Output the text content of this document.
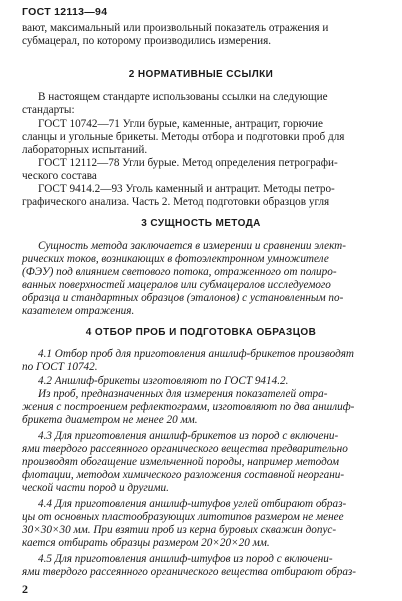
ГОСТ 12113—94
вают, максимальный или произвольный показатель отражения и
субмацерал, по которому производились измерения.
2 НОРМАТИВНЫЕ ССЫЛКИ
В настоящем стандарте использованы ссылки на следующие
стандарты:
ГОСТ 10742—71 Угли бурые, каменные, антрацит, горючие
сланцы и угольные брикеты. Методы отбора и подготовки проб для
лабораторных испытаний.
ГОСТ 12112—78 Угли бурые. Метод определения петрографи-
ческого состава
ГОСТ 9414.2—93 Уголь каменный и антрацит. Методы петро-
графического анализа. Часть 2. Метод подготовки образцов угля
3 СУЩНОСТЬ МЕТОДА
Сущность метода заключается в измерении и сравнении элект-
рических токов, возникающих в фотоэлектронном умножителе
(ФЭУ) под влиянием светового потока, отраженного от полиро-
ванных поверхностей мацералов или субмацералов исследуемого
образца и стандартных образцов (эталонов) с установленным по-
казателем отражения.
4 ОТБОР ПРОБ И ПОДГОТОВКА ОБРАЗЦОВ
4.1 Отбор проб для приготовления аншлиф-брикетов производят
по ГОСТ 10742.
4.2 Аншлиф-брикеты изготовляют по ГОСТ 9414.2.
Из проб, предназначенных для измерения показателей отра-
жения с построением рефлектограмм, изготовляют по два аншлиф-
брикета диаметром не менее 20 мм.
4.3 Для приготовления аншлиф-брикетов из пород с включени-
ями твердого рассеянного органического вещества предварительно
производят обогащение измельченной породы, например методом
флотации, методом химического разложения составной неоргани-
ческой части пород и другими.
4.4 Для приготовления аншлиф-штуфов углей отбирают образ-
цы от основных пластообразующих литотипов размером не менее
30×30×30 мм. При взятии проб из керна буровых скважин допус-
кается отбирать образцы размером 20×20×20 мм.
4.5 Для приготовления аншлиф-штуфов из пород с включени-
ями твердого рассеянного органического вещества отбирают образ-
2
